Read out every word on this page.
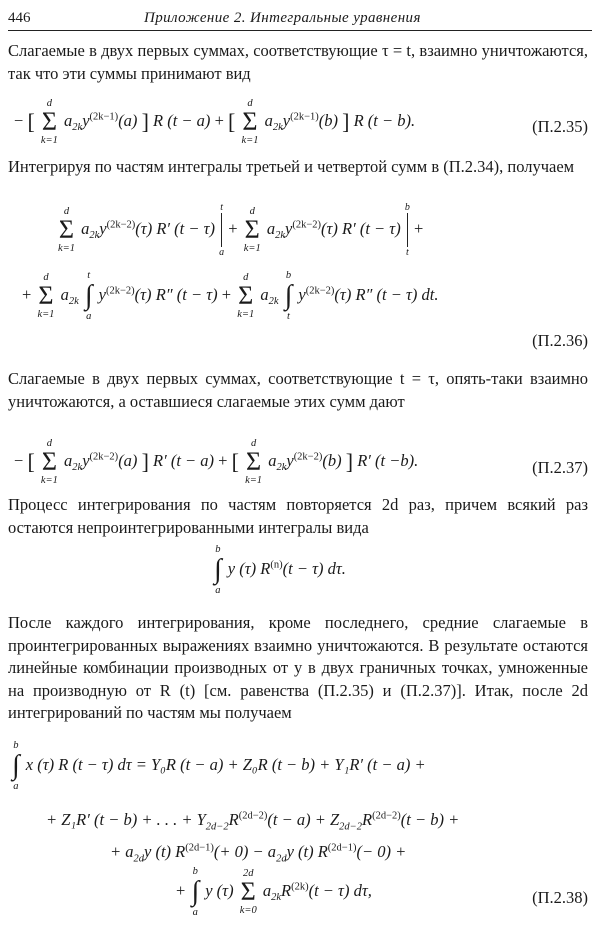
446	Приложение 2. Интегральные уравнения
Слагаемые в двух первых суммах, соответствующие τ = t, взаимно уничтожаются, так что эти суммы принимают вид
− [
d
Σ
k=1
$a_{2k}y^{(2k-1)}(a)$ ] R (t − a) + [
d
Σ
k=1
$a_{2k}y^{(2k-1)}(b)$ ] R (t − b).	(П.2.35)
Интегрируя по частям интегралы третьей и четвертой сумм в (П.2.34), получаем
d
Σ
k=1
$a_{2k}y^{(2k-2)}(\tau)$ R′ (t − τ)
t
a
+
d
Σ
k=1
$a_{2k}y^{(2k-2)}(\tau)$ R′ (t − τ)
b
t
+
+
d
Σ
k=1
$a_{2k}$
t
∫
a
$y^{(2k-2)}(\tau)$ R″ (t − τ) +
d
Σ
k=1
$a_{2k}$
b
∫
t
$y^{(2k-2)}(\tau)$ R″ (t − τ) dt.
(П.2.36)
Слагаемые в двух первых суммах, соответствующие t = τ, опять-таки взаимно уничтожаются, а оставшиеся слагаемые этих сумм дают
− [
d
Σ
k=1
$a_{2k}y^{(2k-2)}(a)$ ] R′ (t − a) + [
d
Σ
k=1
$a_{2k}y^{(2k-2)}(b)$ ] R′ (t −b).	(П.2.37)
Процесс интегрирования по частям повторяется 2d раз, причем всякий раз остаются непроинтегрированными интегралы вида
b
∫
a
y (τ) $R^{(n)}(t - \tau)$ dτ.
После каждого интегрирования, кроме последнего, средние слагаемые в проинтегрированных выражениях взаимно уничтожаются. В результате остаются линейные комбинации производных от y в двух граничных точках, умноженные на производную от R (t) [см. равенства (П.2.35) и (П.2.37)]. Итак, после 2d интегрирований по частям мы получаем
b
∫
a
x (τ) R (t − τ) dτ = Y₀R (t − a) + Z₀R (t − b) + Y₁R′ (t − a) +
+ Z₁R′ (t − b) + . . . + $Y_{2d-2}R^{(2d-2)}(t - a) + Z_{2d-2}R^{(2d-2)}(t - b)$ +
+ $a_{2d}y$ (t) $R^{(2d-1)}(+ 0) - a_{2d}y$ (t) $R^{(2d-1)}(- 0)$ +
+
b
∫
a
y (τ)
2d
Σ
k=0
$a_{2k}R^{(2k)}(t - \tau)$ dτ,	(П.2.38)
